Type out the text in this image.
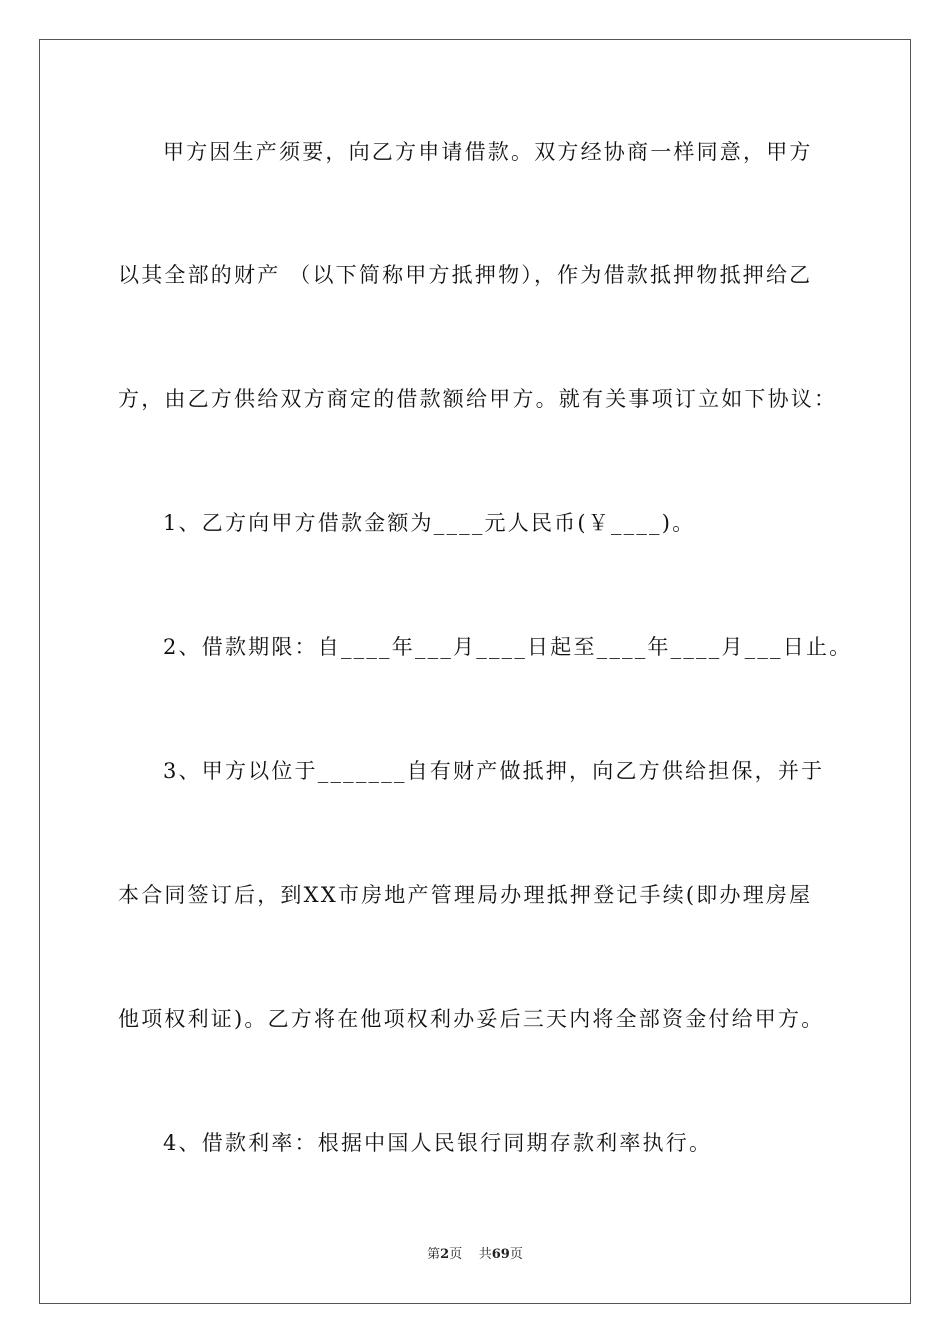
甲方因生产须要，向乙方申请借款。双方经协商一样同意，甲方
以其全部的财产 （以下简称甲方抵押物），作为借款抵押物抵押给乙
方，由乙方供给双方商定的借款额给甲方。就有关事项订立如下协议：
1、乙方向甲方借款金额为____元人民币(￥____)。
2、借款期限：自____年___月____日起至____年____月___日止。
3、甲方以位于_______自有财产做抵押，向乙方供给担保，并于
本合同签订后，到XX市房地产管理局办理抵押登记手续(即办理房屋
他项权利证)。乙方将在他项权利办妥后三天内将全部资金付给甲方。
4、借款利率：根据中国人民银行同期存款利率执行。
第2页 共69页
